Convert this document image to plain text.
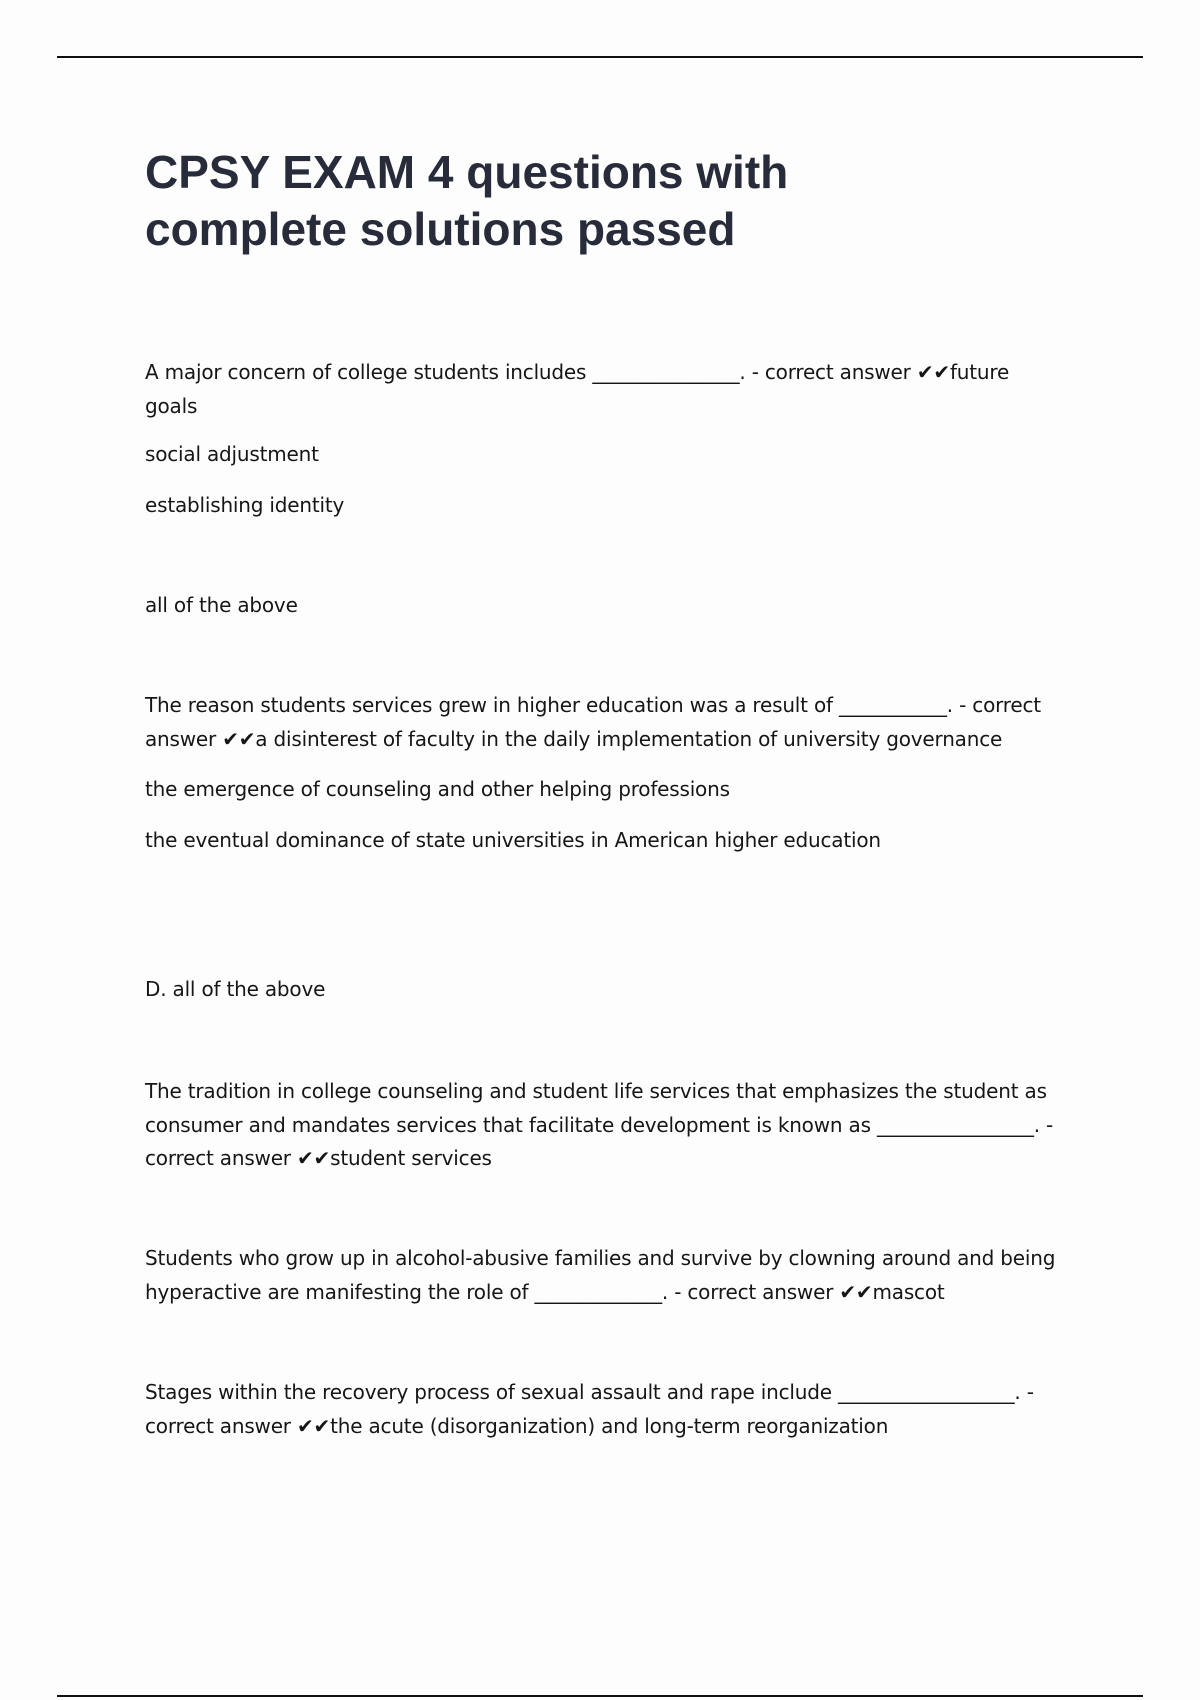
CPSY EXAM 4 questions with
complete solutions passed
A major concern of college students includes _______________. - correct answer ✔✔future
goals
social adjustment
establishing identity
all of the above
The reason students services grew in higher education was a result of ___________. - correct
answer ✔✔a disinterest of faculty in the daily implementation of university governance
the emergence of counseling and other helping professions
the eventual dominance of state universities in American higher education
D. all of the above
The tradition in college counseling and student life services that emphasizes the student as
consumer and mandates services that facilitate development is known as ________________. -
correct answer ✔✔student services
Students who grow up in alcohol-abusive families and survive by clowning around and being
hyperactive are manifesting the role of _____________. - correct answer ✔✔mascot
Stages within the recovery process of sexual assault and rape include __________________. -
correct answer ✔✔the acute (disorganization) and long-term reorganization
